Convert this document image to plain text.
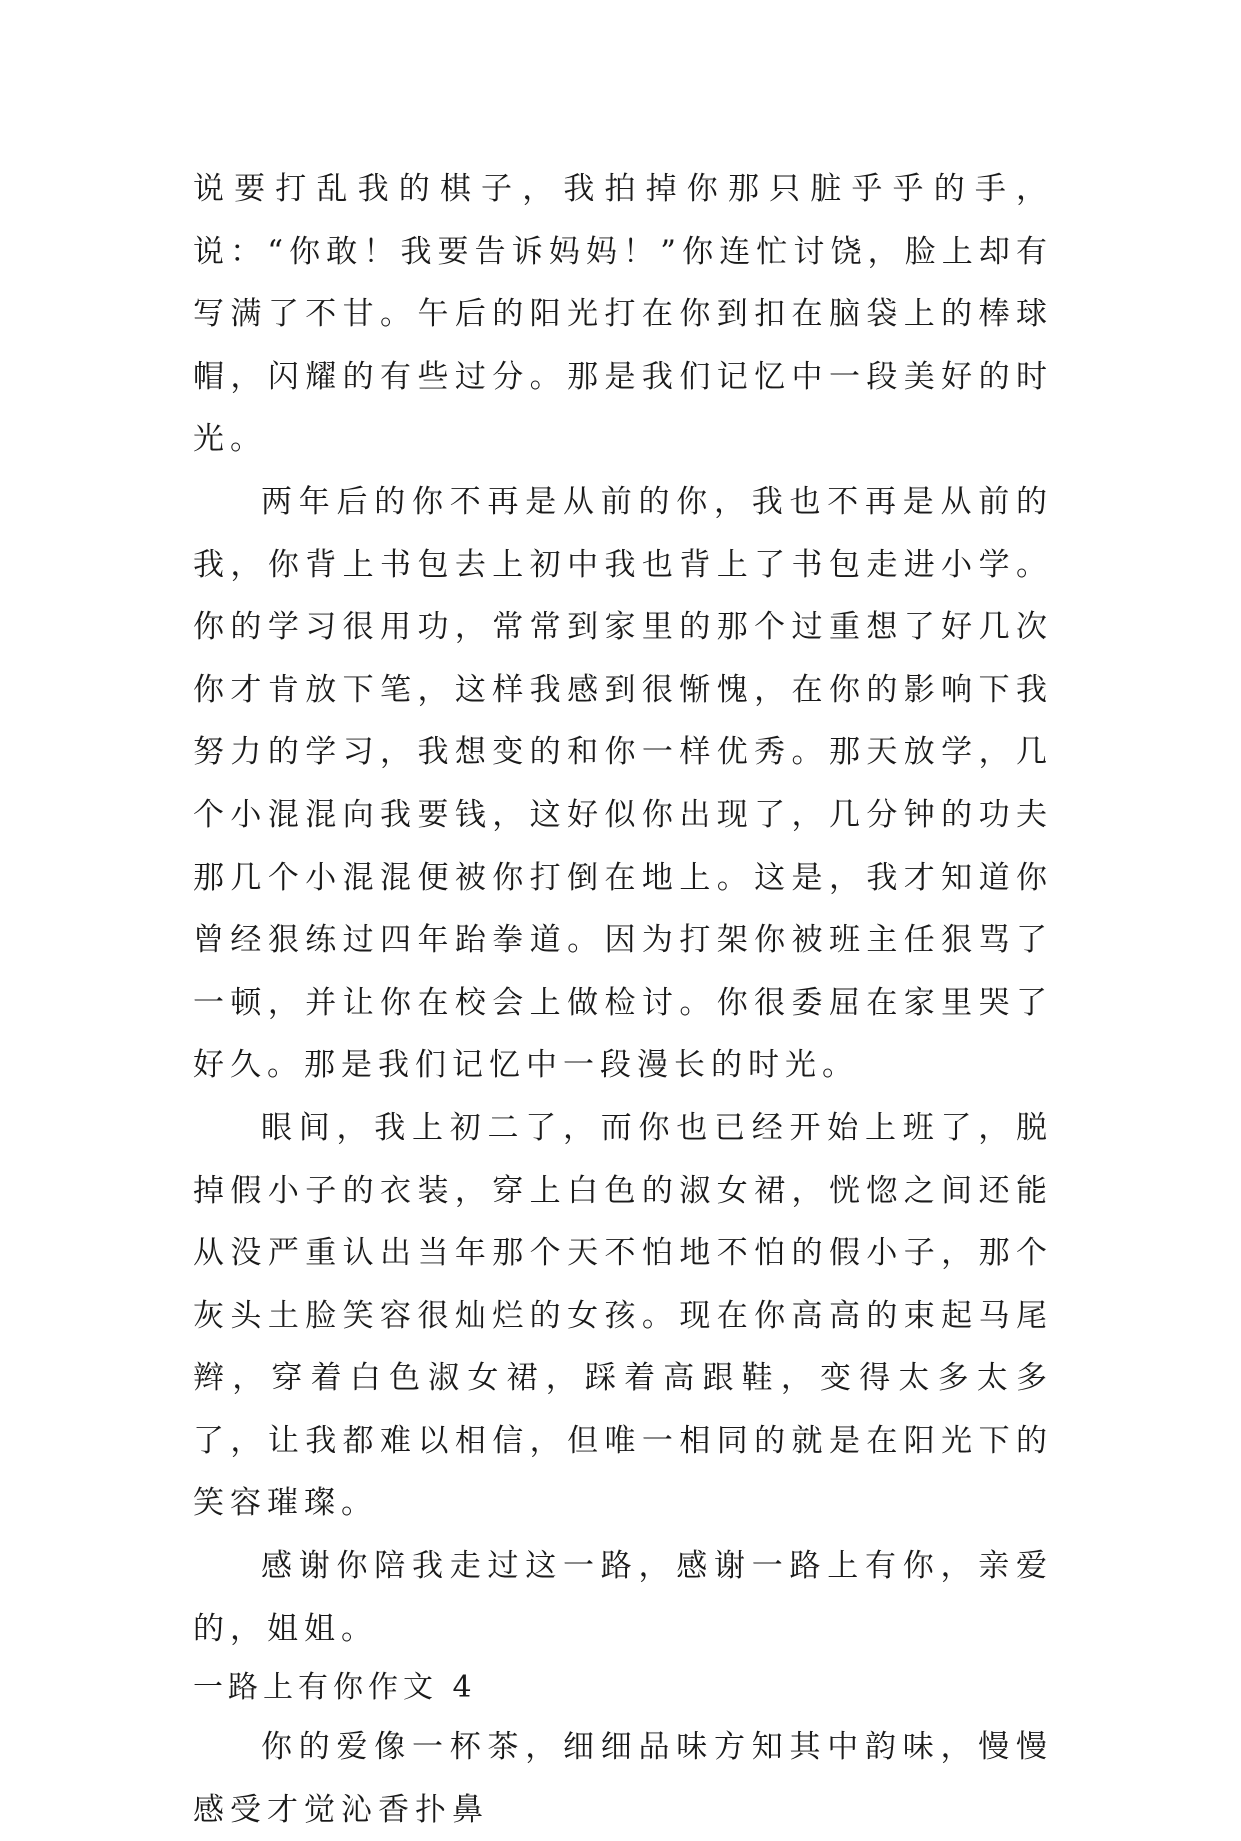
说要打乱我的棋子，我拍掉你那只脏乎乎的手，说：“你敢！我要告诉妈妈！”你连忙讨饶，脸上却有写满了不甘。午后的阳光打在你到扣在脑袋上的棒球帽，闪耀的有些过分。那是我们记忆中一段美好的时光。

两年后的你不再是从前的你，我也不再是从前的我，你背上书包去上初中我也背上了书包走进小学。你的学习很用功，常常到家里的那个过重想了好几次你才肯放下笔，这样我感到很惭愧，在你的影响下我努力的学习，我想变的和你一样优秀。那天放学，几个小混混向我要钱，这好似你出现了，几分钟的功夫那几个小混混便被你打倒在地上。这是，我才知道你曾经狠练过四年跆拳道。因为打架你被班主任狠骂了一顿，并让你在校会上做检讨。你很委屈在家里哭了好久。那是我们记忆中一段漫长的时光。

眼间，我上初二了，而你也已经开始上班了，脱掉假小子的衣装，穿上白色的淑女裙，恍惚之间还能从没严重认出当年那个天不怕地不怕的假小子，那个灰头土脸笑容很灿烂的女孩。现在你高高的束起马尾辫，穿着白色淑女裙，踩着高跟鞋，变得太多太多了，让我都难以相信，但唯一相同的就是在阳光下的笑容璀璨。

感谢你陪我走过这一路，感谢一路上有你，亲爱的，姐姐。

一路上有你作文 4

你的爱像一杯茶，细细品味方知其中韵味，慢慢感受才觉沁香扑鼻
